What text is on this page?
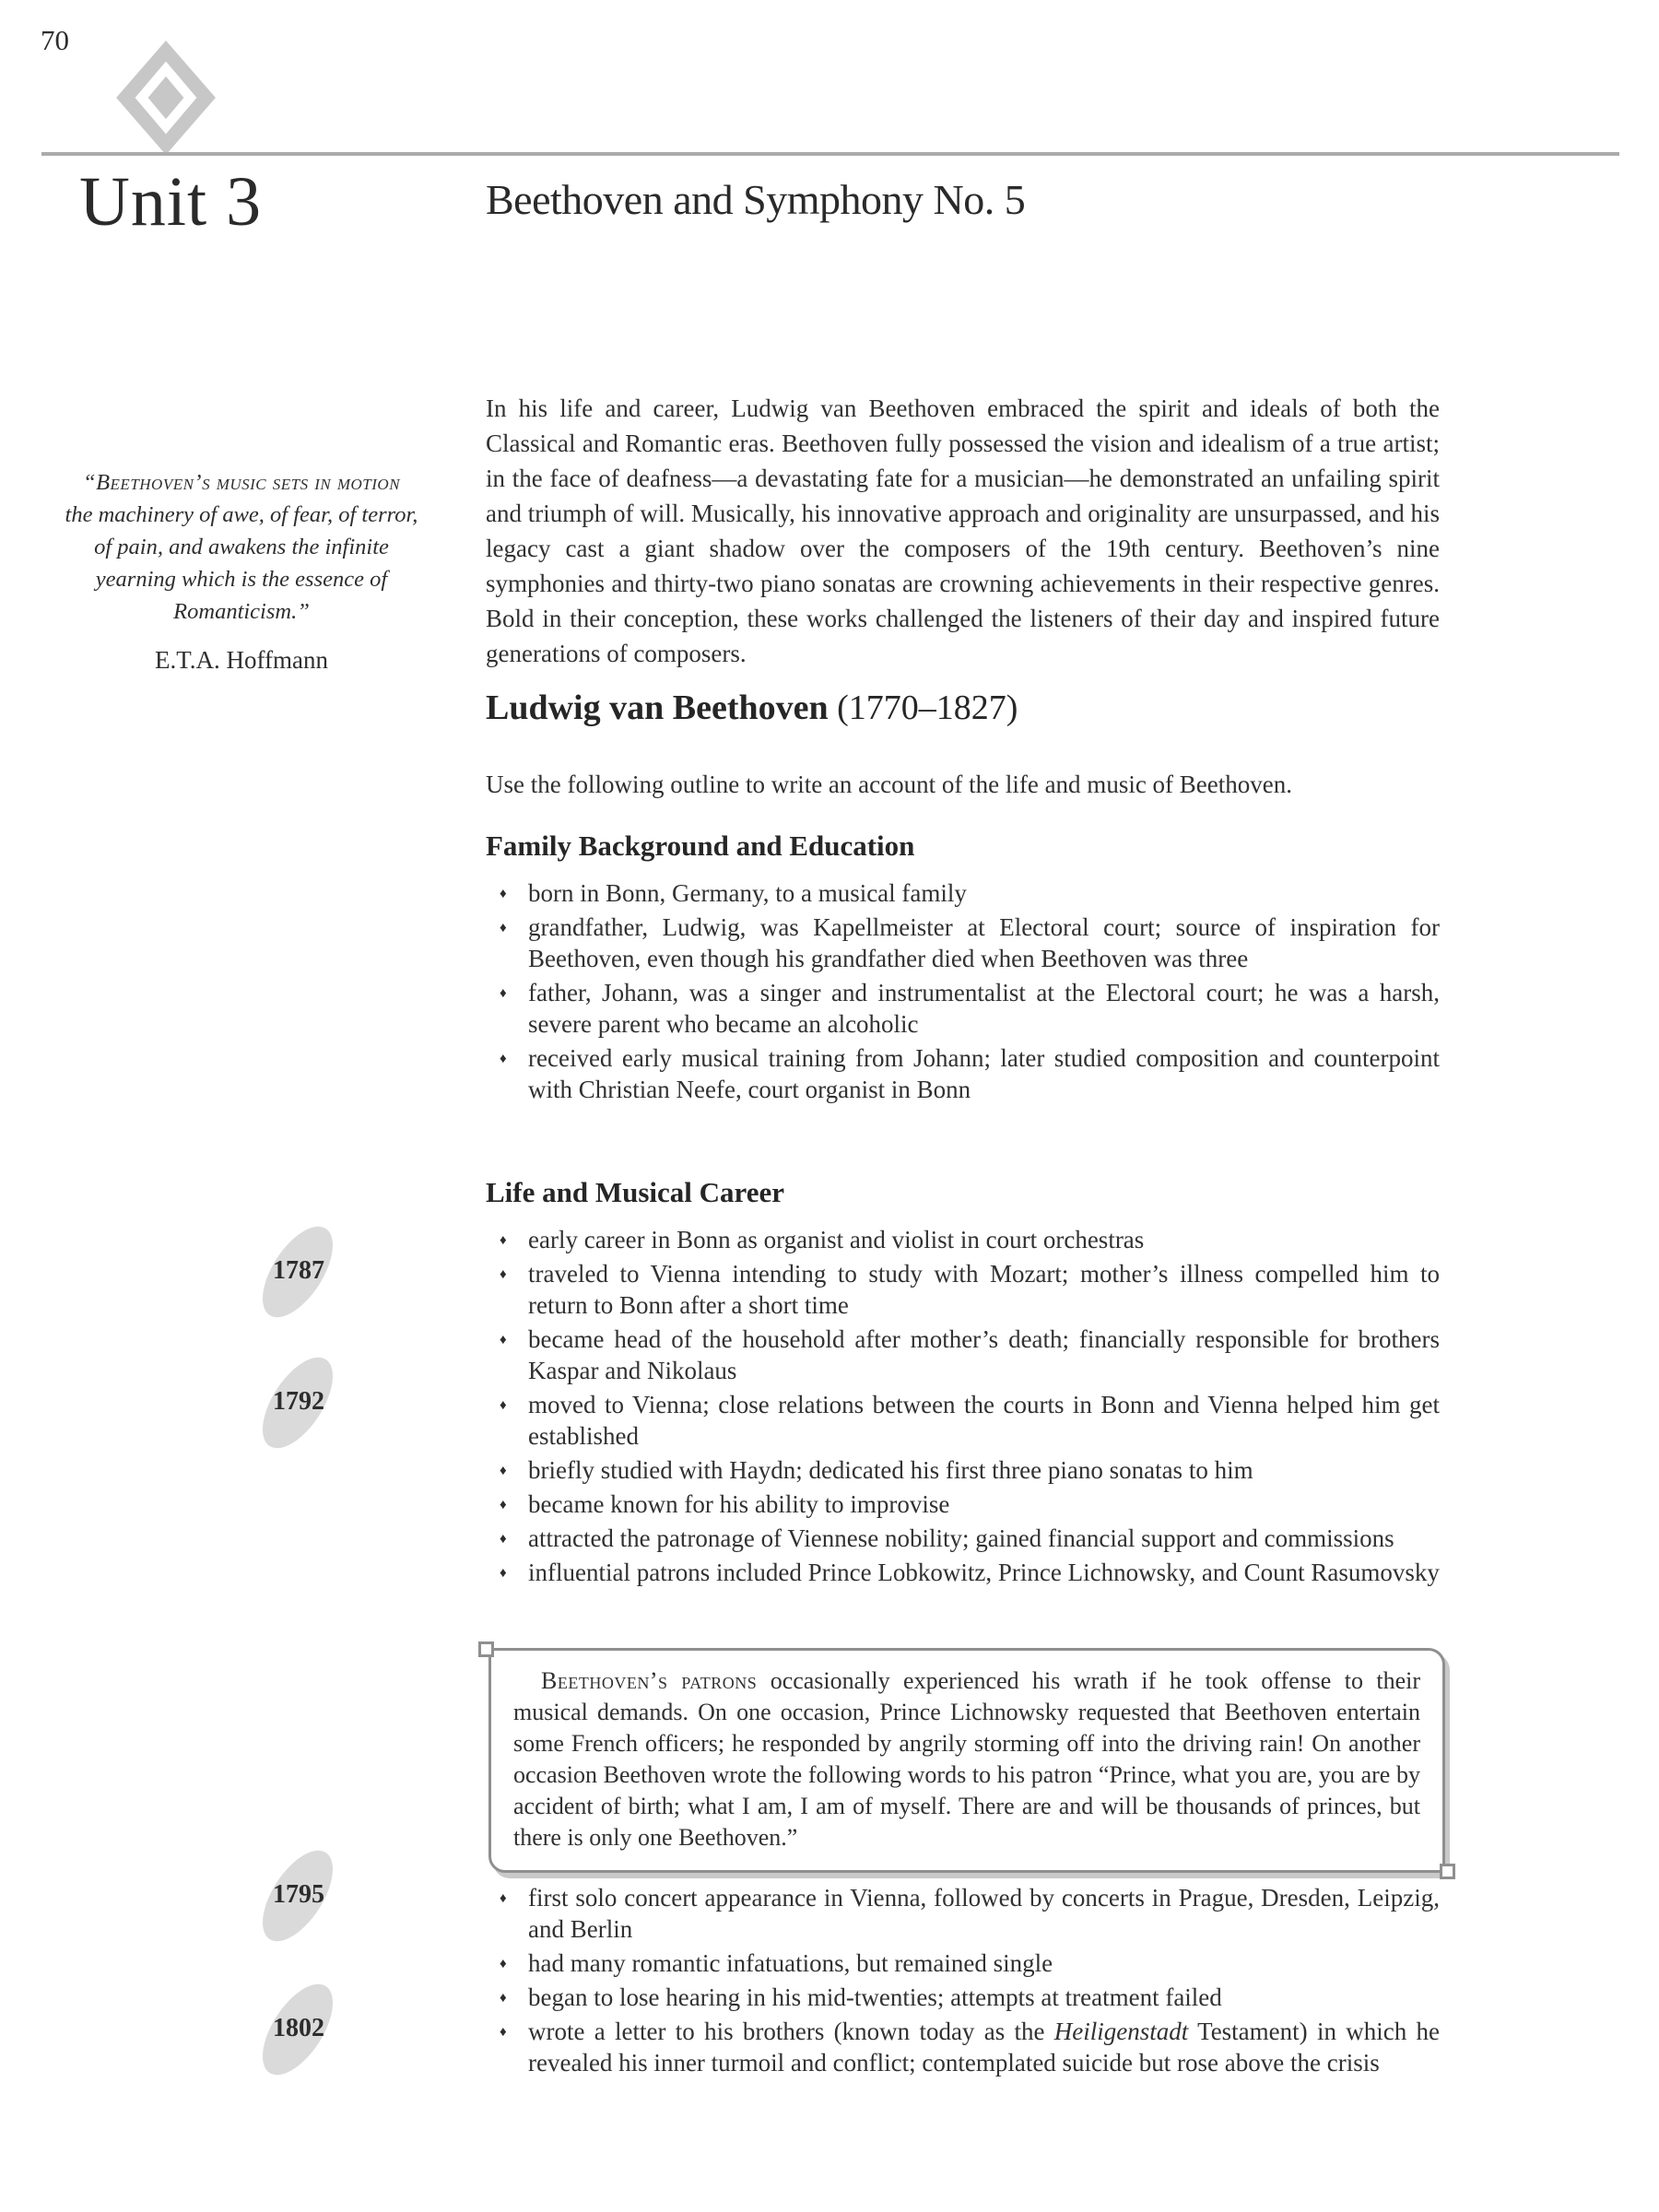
70
Unit 3	Beethoven and Symphony No. 5
“Beethoven’s music sets in motion
the machinery of awe, of fear, of terror,
of pain, and awakens the infinite
yearning which is the essence of
Romanticism.”
E.T.A. Hoffmann

In his life and career, Ludwig van Beethoven embraced the spirit and ideals of both the Classical and Romantic eras. Beethoven fully possessed the vision and idealism of a true artist; in the face of deafness—a devastating fate for a musician—he demonstrated an unfailing spirit and triumph of will. Musically, his innovative approach and originality are unsurpassed, and his legacy cast a giant shadow over the composers of the 19th century. Beethoven’s nine symphonies and thirty-two piano sonatas are crowning achievements in their respective genres. Bold in their conception, these works challenged the listeners of their day and inspired future generations of composers.

Ludwig van Beethoven (1770–1827)

Use the following outline to write an account of the life and music of Beethoven.

Family Background and Education
♦ born in Bonn, Germany, to a musical family
♦ grandfather, Ludwig, was Kapellmeister at Electoral court; source of inspiration for Beethoven, even though his grandfather died when Beethoven was three
♦ father, Johann, was a singer and instrumentalist at the Electoral court; he was a harsh, severe parent who became an alcoholic
♦ received early musical training from Johann; later studied composition and counterpoint with Christian Neefe, court organist in Bonn
Life and Musical Career
♦ early career in Bonn as organist and violist in court orchestras
1787	♦ traveled to Vienna intending to study with Mozart; mother’s illness compelled him to return to Bonn after a short time
♦ became head of the household after mother’s death; financially responsible for brothers Kaspar and Nikolaus
1792	♦ moved to Vienna; close relations between the courts in Bonn and Vienna helped him get established
♦ briefly studied with Haydn; dedicated his first three piano sonatas to him
♦ became known for his ability to improvise
♦ attracted the patronage of Viennese nobility; gained financial support and commissions
♦ influential patrons included Prince Lobkowitz, Prince Lichnowsky, and Count Rasumovsky

Beethoven’s patrons occasionally experienced his wrath if he took offense to their musical demands. On one occasion, Prince Lichnowsky requested that Beethoven entertain some French officers; he responded by angrily storming off into the driving rain! On another occasion Beethoven wrote the following words to his patron “Prince, what you are, you are by accident of birth; what I am, I am of myself. There are and will be thousands of princes, but there is only one Beethoven.”

1795	♦ first solo concert appearance in Vienna, followed by concerts in Prague, Dresden, Leipzig, and Berlin
♦ had many romantic infatuations, but remained single
♦ began to lose hearing in his mid-twenties; attempts at treatment failed
1802	♦ wrote a letter to his brothers (known today as the Heiligenstadt Testament) in which he revealed his inner turmoil and conflict; contemplated suicide but rose above the crisis
